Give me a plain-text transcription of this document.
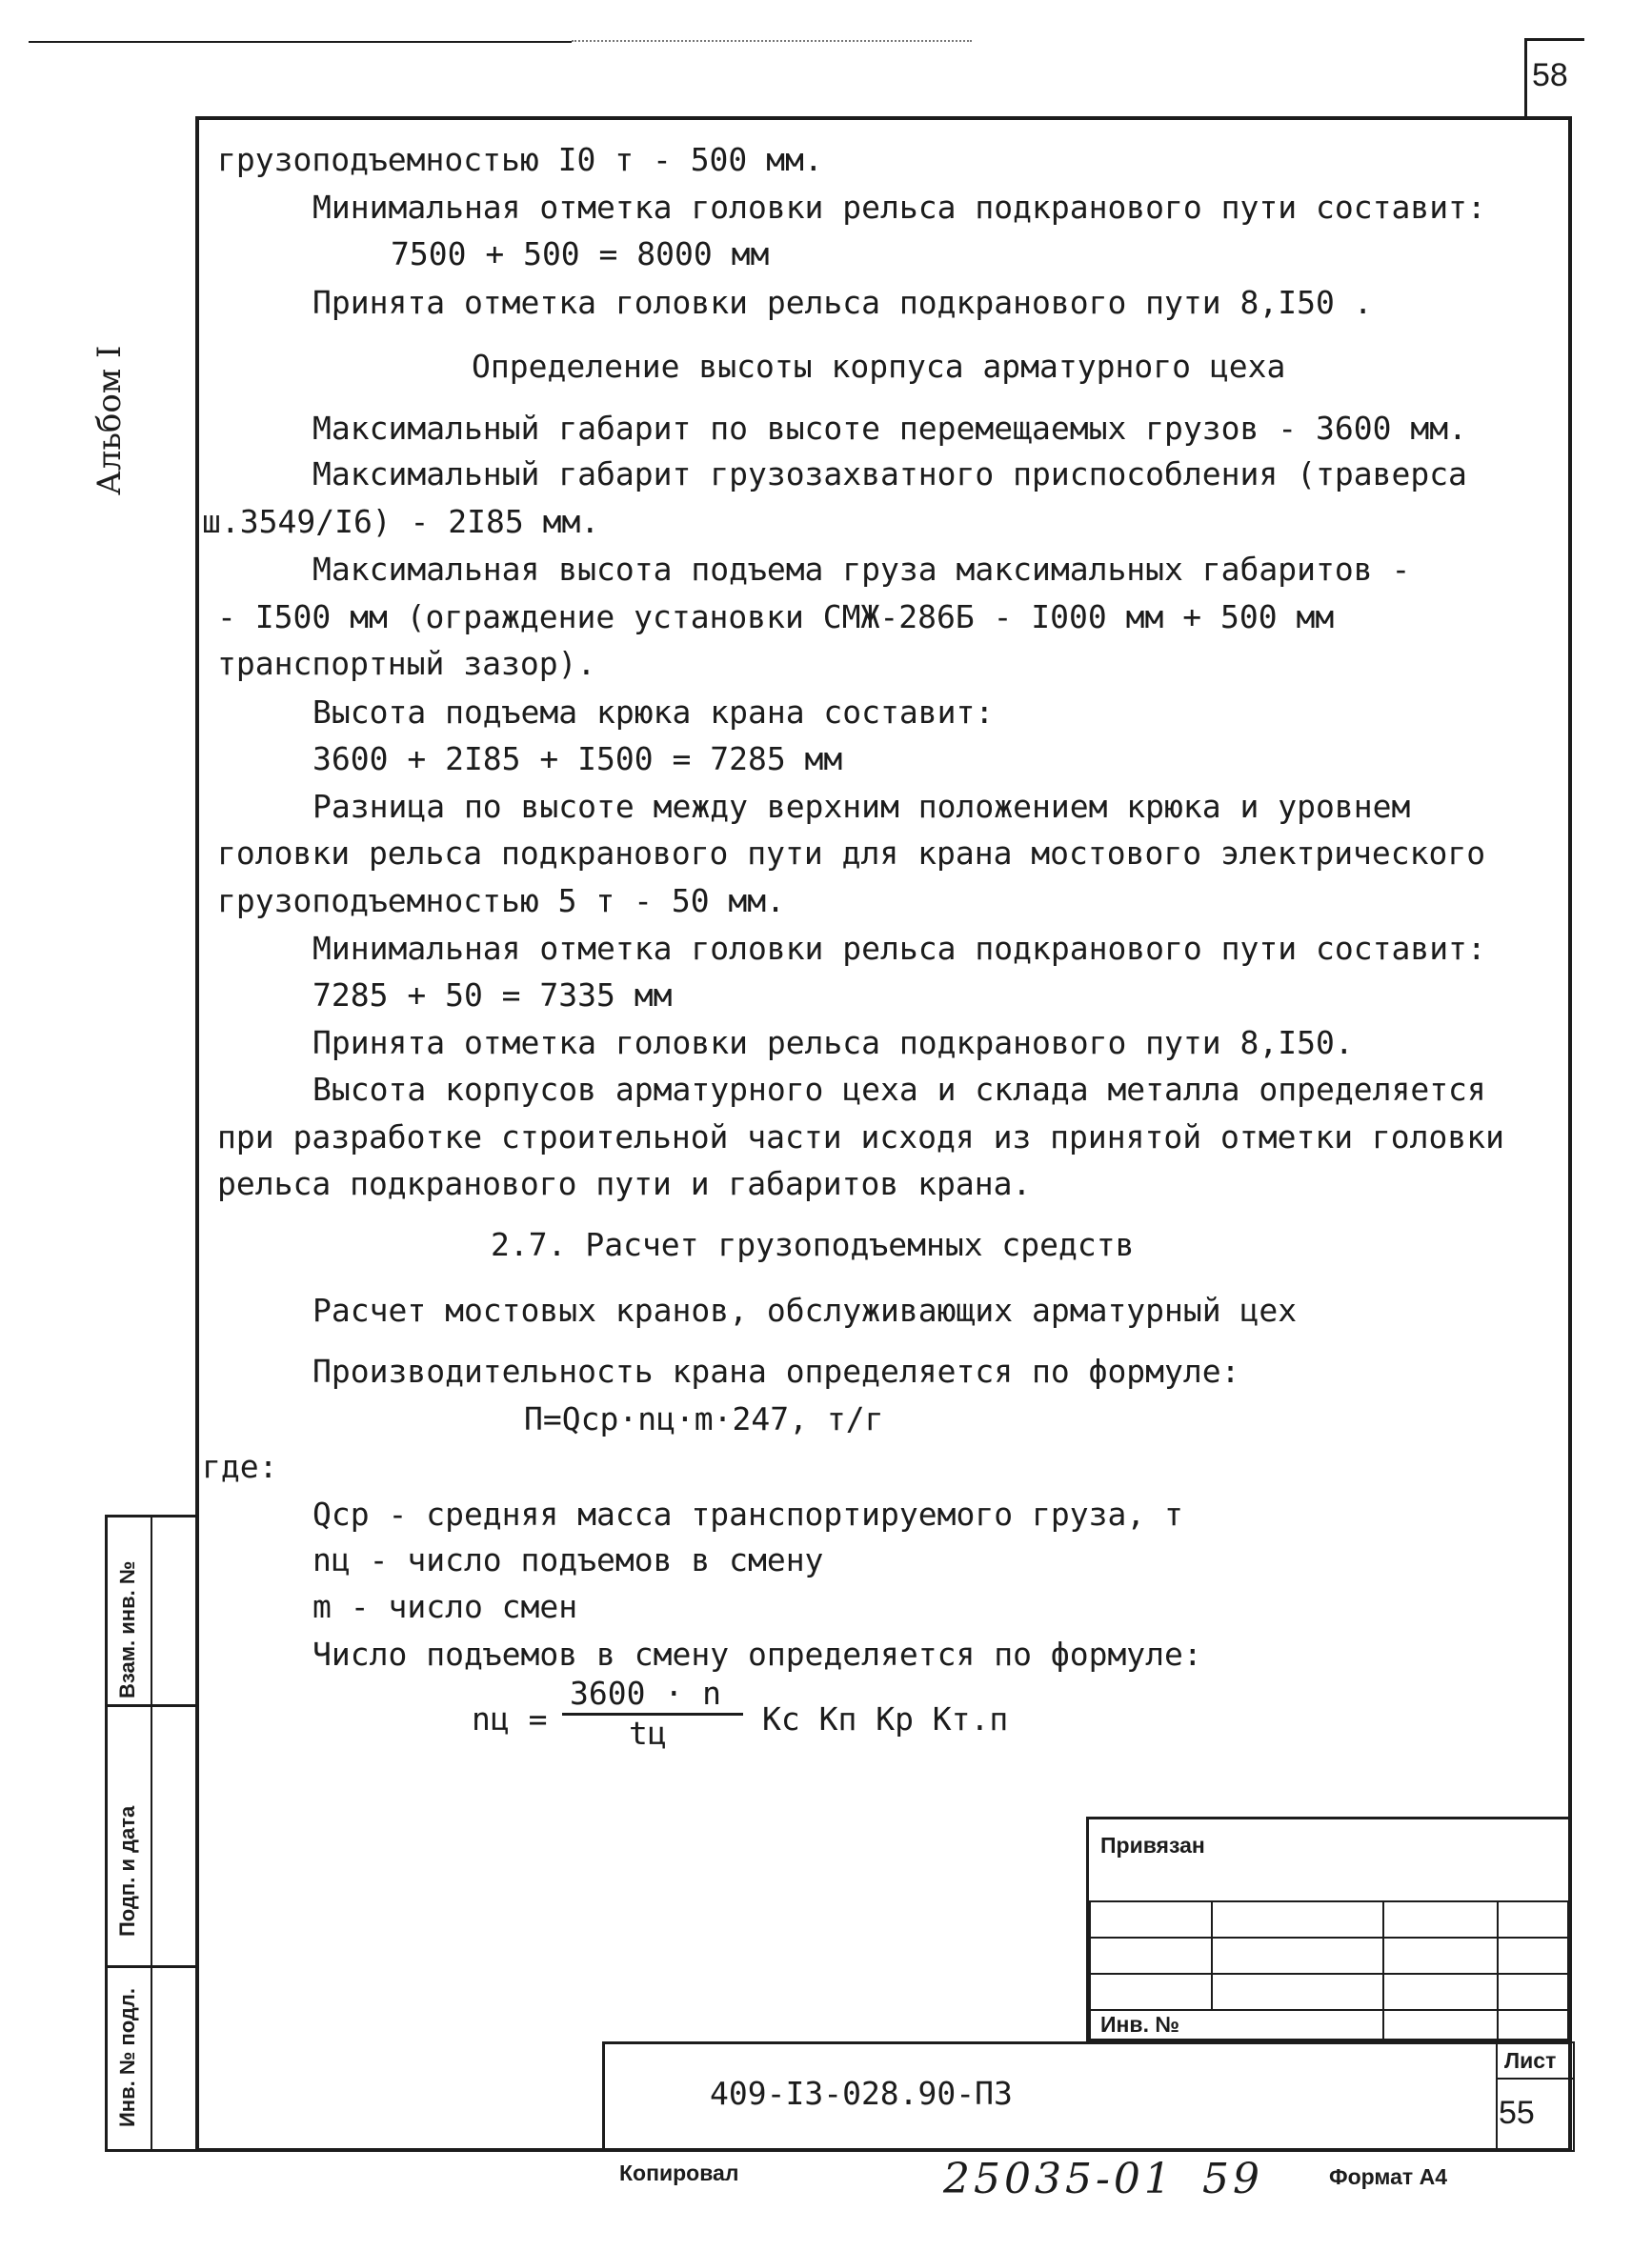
58
Альбом I
грузоподъемностью I0 т - 500 мм.
Минимальная отметка головки рельса подкранового пути составит:
7500 + 500 = 8000 мм
Принята отметка головки рельса подкранового пути 8,I50 .
Определение высоты корпуса арматурного цеха
Максимальный габарит по высоте перемещаемых грузов - 3600 мм.
Максимальный габарит грузозахватного приспособления (траверса
ш.3549/I6) - 2I85 мм.
Максимальная высота подъема груза максимальных габаритов -
- I500 мм (ограждение установки СМЖ-286Б - I000 мм + 500 мм
транспортный зазор).
Высота подъема крюка крана составит:
3600 + 2I85 + I500 = 7285 мм
Разница по высоте между верхним положением крюка и уровнем
головки рельса подкранового пути для крана мостового электрического
грузоподъемностью 5 т - 50 мм.
Минимальная отметка головки рельса подкранового пути составит:
7285 + 50 = 7335 мм
Принята отметка головки рельса подкранового пути 8,I50.
Высота корпусов арматурного цеха и склада металла определяется
при разработке строительной части исходя из принятой отметки головки
рельса подкранового пути и габаритов крана.
2.7. Расчет грузоподъемных средств
Расчет мостовых кранов, обслуживающих арматурный цех
Производительность крана определяется по формуле:
П=Qср·nц·m·247, т/г
где:
Qср - средняя масса транспортируемого груза, т
nц - число подъемов в смену
m - число смен
Число подъемов в смену определяется по формуле:
nц =
3600 · n
tц	Кс Кп Кр Кт.п
Взам. инв. №
Подп. и дата
Инв. № подл.
Привязан
Инв. №
409-I3-028.90-ПЗ
Лист
55
Копировал	25035-01 59	Формат А4
